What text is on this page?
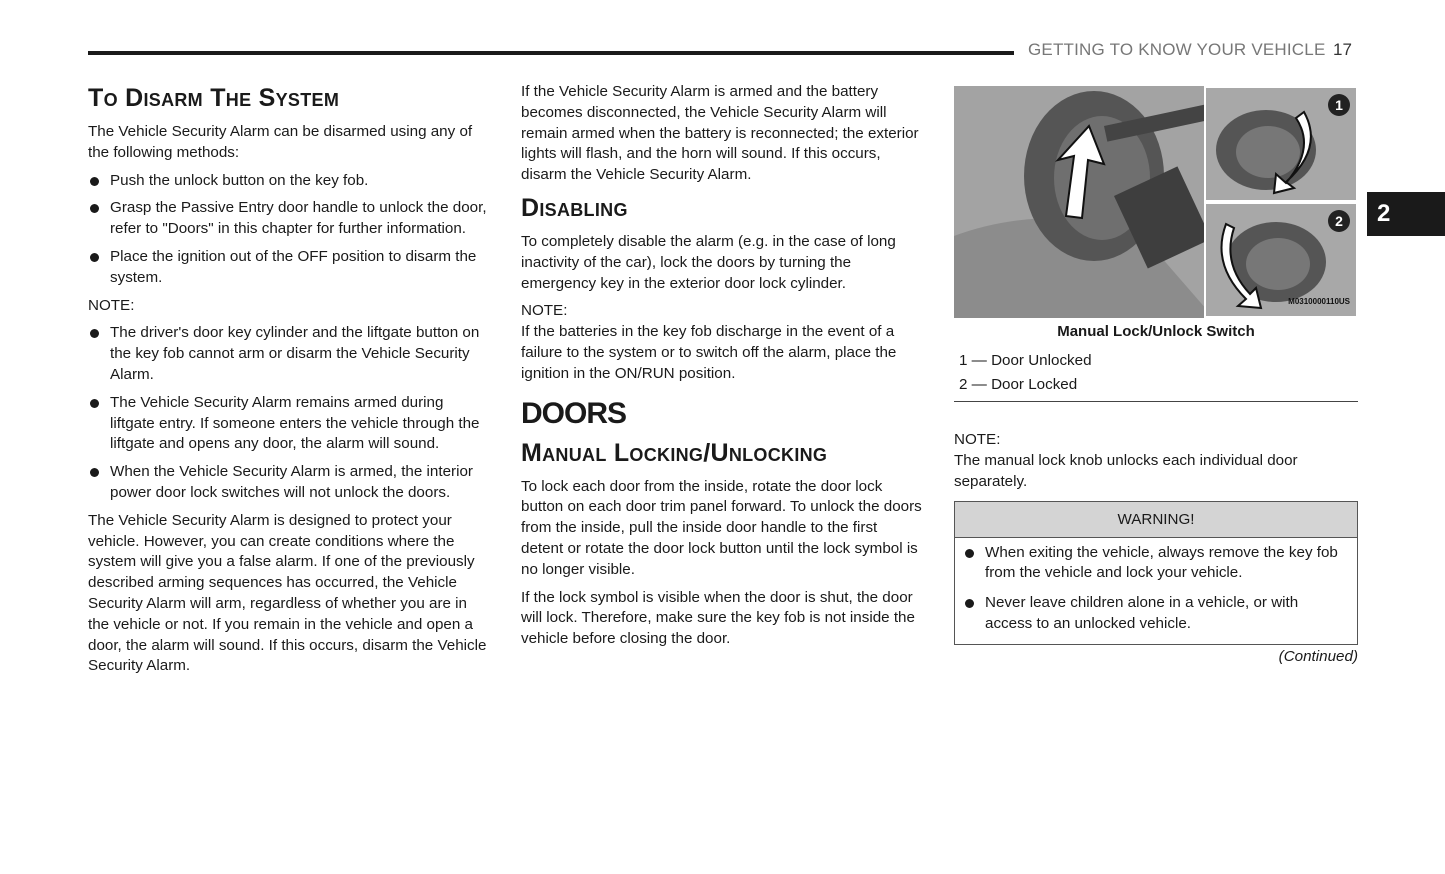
GETTING TO KNOW YOUR VEHICLE 17
2
To Disarm The System

The Vehicle Security Alarm can be disarmed using any of the following methods:

Push the unlock button on the key fob.
Grasp the Passive Entry door handle to unlock the door, refer to "Doors" in this chapter for further information.
Place the ignition out of the OFF position to disarm the system.

NOTE:

The driver's door key cylinder and the liftgate button on the key fob cannot arm or disarm the Vehicle Security Alarm.
The Vehicle Security Alarm remains armed during liftgate entry. If someone enters the vehicle through the liftgate and opens any door, the alarm will sound.
When the Vehicle Security Alarm is armed, the interior power door lock switches will not unlock the doors.

The Vehicle Security Alarm is designed to protect your vehicle. However, you can create conditions where the system will give you a false alarm. If one of the previously described arming sequences has occurred, the Vehicle Security Alarm will arm, regardless of whether you are in the vehicle or not. If you remain in the vehicle and open a door, the alarm will sound. If this occurs, disarm the Vehicle Security Alarm.

If the Vehicle Security Alarm is armed and the battery becomes disconnected, the Vehicle Security Alarm will remain armed when the battery is reconnected; the exterior lights will flash, and the horn will sound. If this occurs, disarm the Vehicle Security Alarm.

Disabling

To completely disable the alarm (e.g. in the case of long inactivity of the car), lock the doors by turning the emergency key in the exterior door lock cylinder.

NOTE:

If the batteries in the key fob discharge in the event of a failure to the system or to switch off the alarm, place the ignition in the ON/RUN position.

DOORS
Manual Locking/Unlocking

To lock each door from the inside, rotate the door lock button on each door trim panel forward. To unlock the doors from the inside, pull the inside door handle to the first detent or rotate the door lock button until the lock symbol is no longer visible.

If the lock symbol is visible when the door is shut, the door will lock. Therefore, make sure the key fob is not inside the vehicle before closing the door.

1
2
M0310000110US
Manual Lock/Unlock Switch
1 — Door Unlocked
2 — Door Locked

NOTE:

The manual lock knob unlocks each individual door separately.

WARNING!
When exiting the vehicle, always remove the key fob from the vehicle and lock your vehicle.
Never leave children alone in a vehicle, or with access to an unlocked vehicle.
(Continued)
